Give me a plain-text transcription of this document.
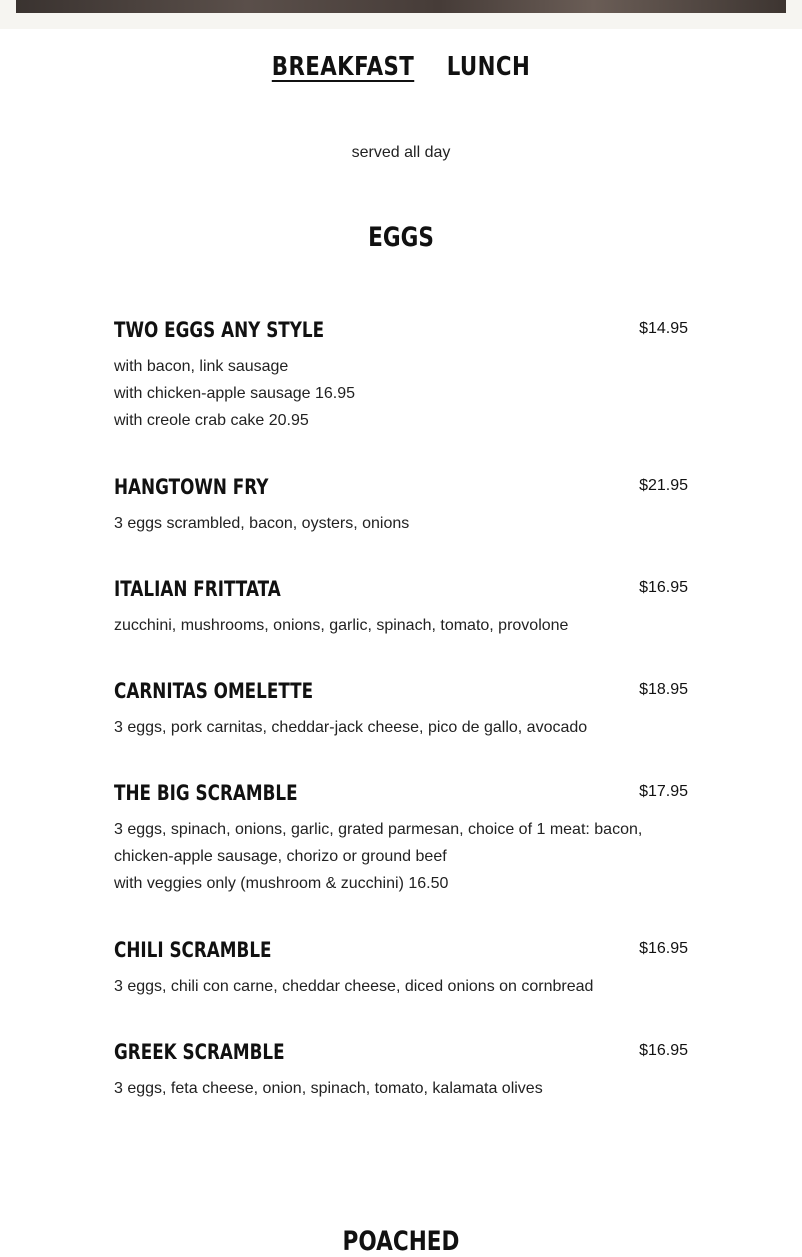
BREAKFAST LUNCH
served all day
EGGS
TWO EGGS ANY STYLE	$14.95
with bacon, link sausage
with chicken-apple sausage 16.95
with creole crab cake 20.95
HANGTOWN FRY	$21.95
3 eggs scrambled, bacon, oysters, onions
ITALIAN FRITTATA	$16.95
zucchini, mushrooms, onions, garlic, spinach, tomato, provolone
CARNITAS OMELETTE	$18.95
3 eggs, pork carnitas, cheddar-jack cheese, pico de gallo, avocado
THE BIG SCRAMBLE	$17.95
3 eggs, spinach, onions, garlic, grated parmesan, choice of 1 meat: bacon,
chicken-apple sausage, chorizo or ground beef
with veggies only (mushroom & zucchini) 16.50
CHILI SCRAMBLE	$16.95
3 eggs, chili con carne, cheddar cheese, diced onions on cornbread
GREEK SCRAMBLE	$16.95
3 eggs, feta cheese, onion, spinach, tomato, kalamata olives
POACHED
